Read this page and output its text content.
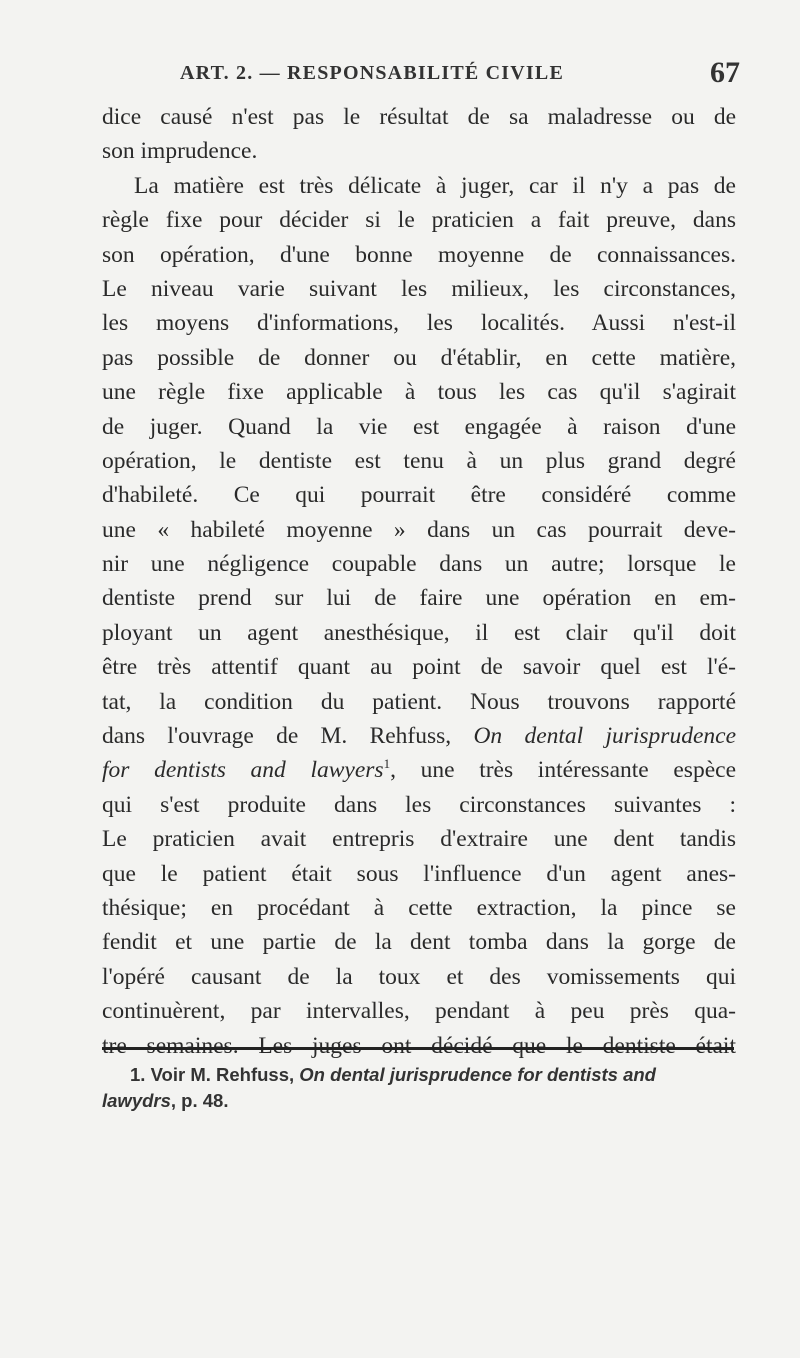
ART. 2. — RESPONSABILITÉ CIVILE	67
dice causé n'est pas le résultat de sa maladresse ou de
son imprudence.
La matière est très délicate à juger, car il n'y a pas de
règle fixe pour décider si le praticien a fait preuve, dans
son opération, d'une bonne moyenne de connaissances.
Le niveau varie suivant les milieux, les circonstances,
les moyens d'informations, les localités. Aussi n'est-il
pas possible de donner ou d'établir, en cette matière,
une règle fixe applicable à tous les cas qu'il s'agirait
de juger. Quand la vie est engagée à raison d'une
opération, le dentiste est tenu à un plus grand degré
d'habileté. Ce qui pourrait être considéré comme
une « habileté moyenne » dans un cas pourrait deve-
nir une négligence coupable dans un autre; lorsque le
dentiste prend sur lui de faire une opération en em-
ployant un agent anesthésique, il est clair qu'il doit
être très attentif quant au point de savoir quel est l'é-
tat, la condition du patient. Nous trouvons rapporté
dans l'ouvrage de M. Rehfuss, On dental jurisprudence
for dentists and lawyers$^1$, une très intéressante espèce
qui s'est produite dans les circonstances suivantes :
Le praticien avait entrepris d'extraire une dent tandis
que le patient était sous l'influence d'un agent anes-
thésique; en procédant à cette extraction, la pince se
fendit et une partie de la dent tomba dans la gorge de
l'opéré causant de la toux et des vomissements qui
continuèrent, par intervalles, pendant à peu près qua-
tre semaines. Les juges ont décidé que le dentiste était
1. Voir M. Rehfuss, On dental jurisprudence for dentists and
lawydrs, p. 48.
